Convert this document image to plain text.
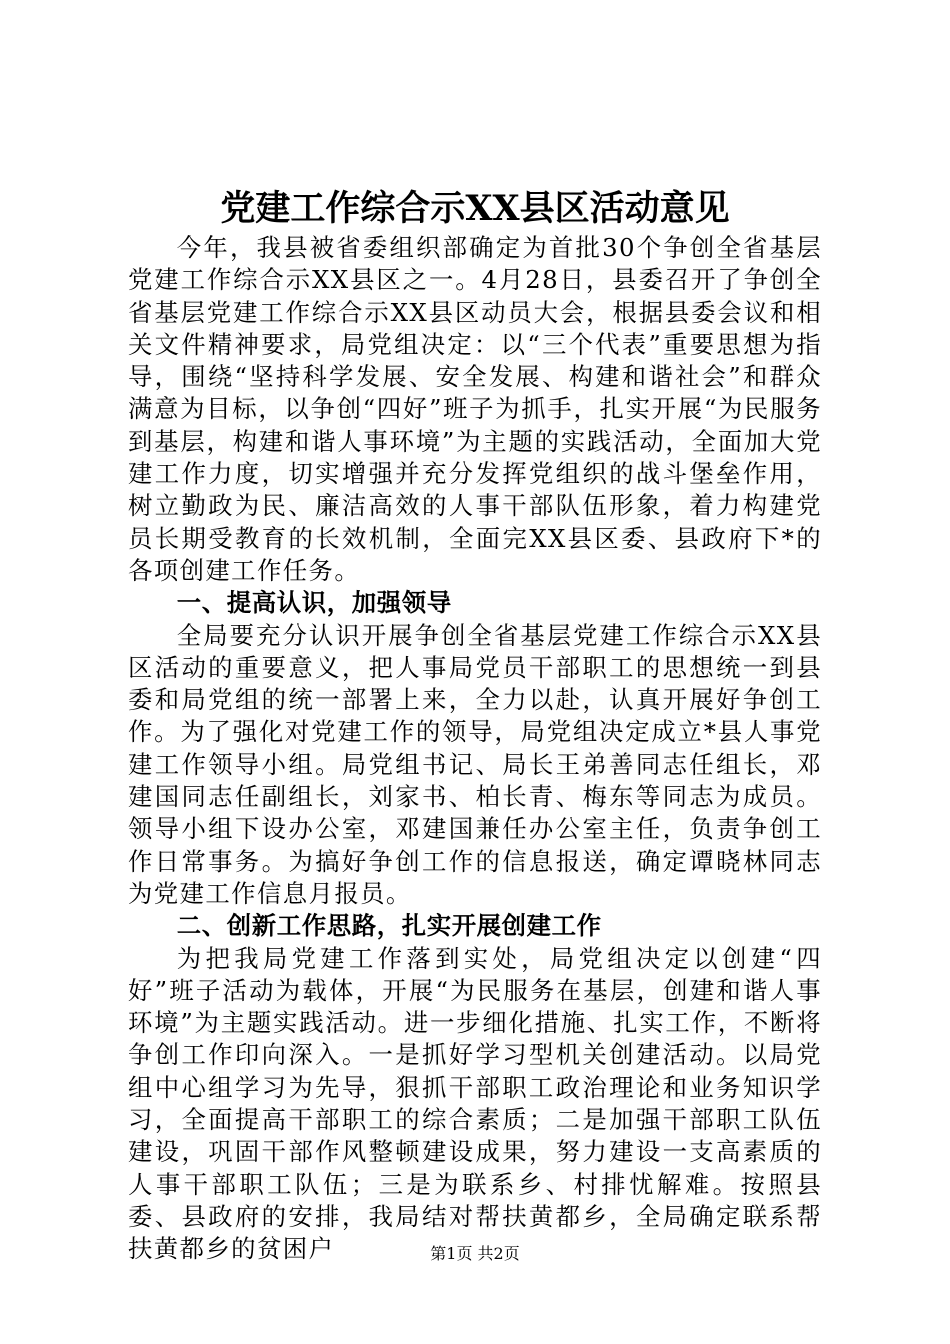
党建工作综合示XX县区活动意见

今年，我县被省委组织部确定为首批30个争创全省基层党建工作综合示XX县区之一。4月28日，县委召开了争创全省基层党建工作综合示XX县区动员大会，根据县委会议和相关文件精神要求，局党组决定：以“三个代表”重要思想为指导，围绕“坚持科学发展、安全发展、构建和谐社会”和群众满意为目标，以争创“四好”班子为抓手，扎实开展“为民服务到基层，构建和谐人事环境”为主题的实践活动，全面加大党建工作力度，切实增强并充分发挥党组织的战斗堡垒作用，树立勤政为民、廉洁高效的人事干部队伍形象，着力构建党员长期受教育的长效机制，全面完XX县区委、县政府下*的各项创建工作任务。

一、提高认识，加强领导

全局要充分认识开展争创全省基层党建工作综合示XX县区活动的重要意义，把人事局党员干部职工的思想统一到县委和局党组的统一部署上来，全力以赴，认真开展好争创工作。为了强化对党建工作的领导，局党组决定成立*县人事党建工作领导小组。局党组书记、局长王弟善同志任组长，邓建国同志任副组长，刘家书、柏长青、梅东等同志为成员。领导小组下设办公室，邓建国兼任办公室主任，负责争创工作日常事务。为搞好争创工作的信息报送，确定谭晓林同志为党建工作信息月报员。

二、创新工作思路，扎实开展创建工作

为把我局党建工作落到实处，局党组决定以创建“四好”班子活动为载体，开展“为民服务在基层，创建和谐人事环境”为主题实践活动。进一步细化措施、扎实工作，不断将争创工作印向深入。一是抓好学习型机关创建活动。以局党组中心组学习为先导，狠抓干部职工政治理论和业务知识学习，全面提高干部职工的综合素质；二是加强干部职工队伍建设，巩固干部作风整顿建设成果，努力建设一支高素质的人事干部职工队伍；三是为联系乡、村排忧解难。按照县委、县政府的安排，我局结对帮扶黄都乡，全局确定联系帮扶黄都乡的贫困户	第1页 共2页
